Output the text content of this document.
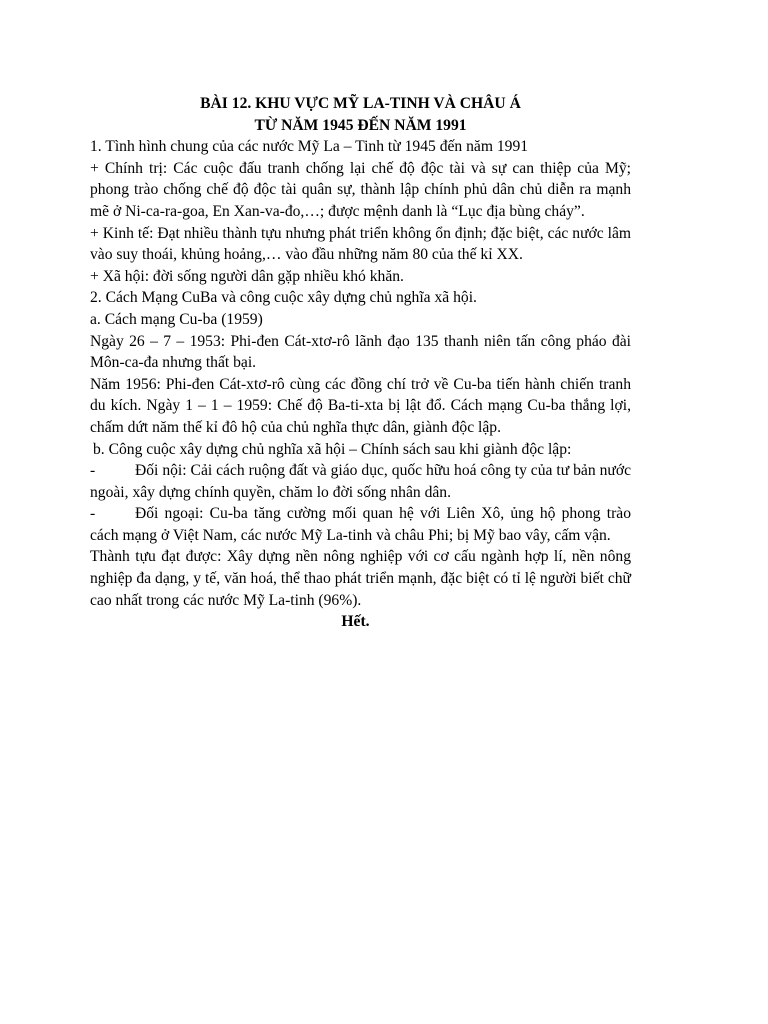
BÀI 12. KHU VỰC MỸ LA-TINH VÀ CHÂU Á

TỪ NĂM 1945 ĐẾN NĂM 1991

1. Tình hình chung của các nước Mỹ La – Tinh từ 1945 đến năm 1991

+ Chính trị: Các cuộc đấu tranh chống lại chế độ độc tài và sự can thiệp của Mỹ; phong trào chống chế độ độc tài quân sự, thành lập chính phủ dân chủ diễn ra mạnh mẽ ở Ni-ca-ra-goa, En Xan-va-đo,…; được mệnh danh là “Lục địa bùng cháy”.

+ Kinh tế: Đạt nhiều thành tựu nhưng phát triển không ổn định; đặc biệt, các nước lâm vào suy thoái, khủng hoảng,… vào đầu những năm 80 của thế kỉ XX.

+ Xã hội: đời sống người dân gặp nhiều khó khăn.

2. Cách Mạng CuBa và công cuộc xây dựng chủ nghĩa xã hội.

a. Cách mạng Cu-ba (1959)

Ngày 26 – 7 – 1953: Phi-đen Cát-xtơ-rô lãnh đạo 135 thanh niên tấn công pháo đài Môn-ca-đa nhưng thất bại.

Năm 1956: Phi-đen Cát-xtơ-rô cùng các đồng chí trở về Cu-ba tiến hành chiến tranh du kích. Ngày 1 – 1 – 1959: Chế độ Ba-ti-xta bị lật đổ. Cách mạng Cu-ba thắng lợi, chấm dứt năm thế kỉ đô hộ của chủ nghĩa thực dân, giành độc lập.

b. Công cuộc xây dựng chủ nghĩa xã hội – Chính sách sau khi giành độc lập:

-	Đối nội: Cải cách ruộng đất và giáo dục, quốc hữu hoá công ty của tư bản nước ngoài, xây dựng chính quyền, chăm lo đời sống nhân dân.

-	Đối ngoại: Cu-ba tăng cường mối quan hệ với Liên Xô, ủng hộ phong trào cách mạng ở Việt Nam, các nước Mỹ La-tinh và châu Phi; bị Mỹ bao vây, cấm vận.

Thành tựu đạt được: Xây dựng nền nông nghiệp với cơ cấu ngành hợp lí, nền nông nghiệp đa dạng, y tế, văn hoá, thể thao phát triển mạnh, đặc biệt có tỉ lệ người biết chữ cao nhất trong các nước Mỹ La-tinh (96%).

Hết.
